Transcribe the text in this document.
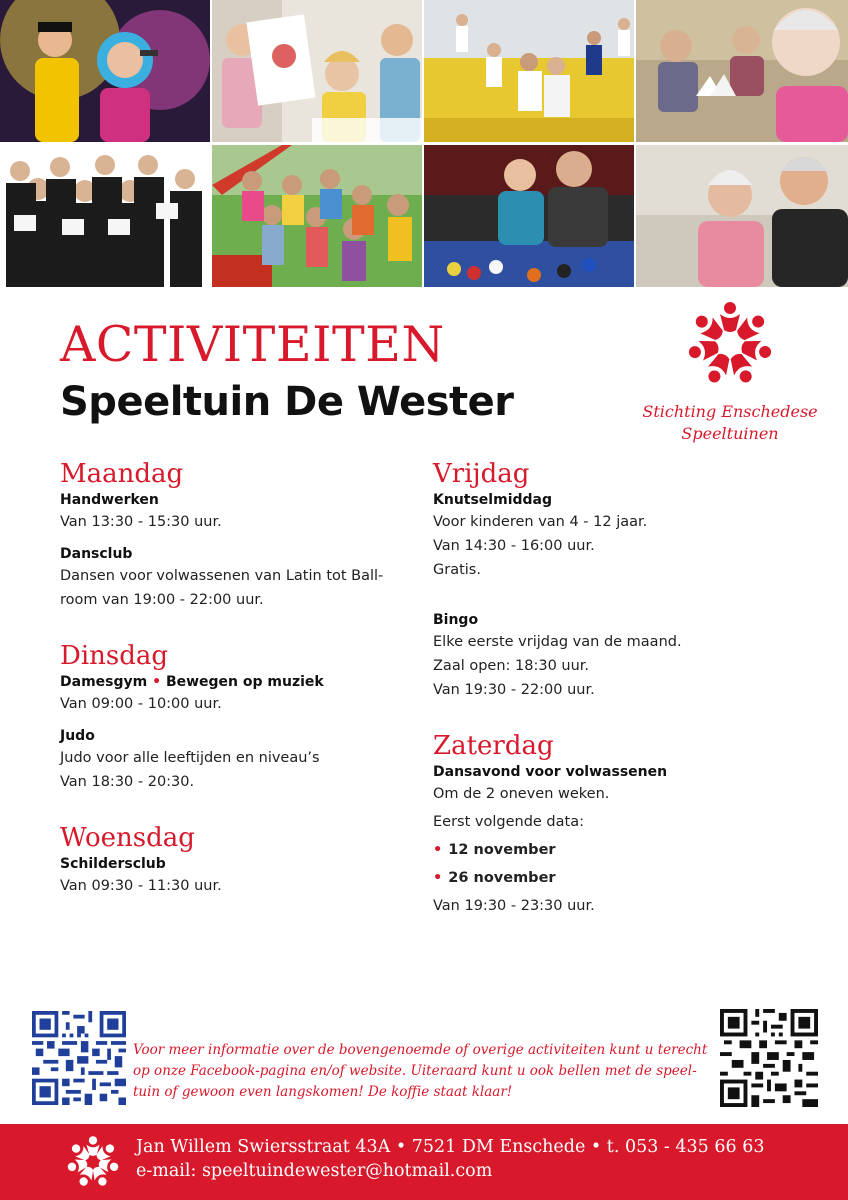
ACTIVITEITEN
Speeltuin De Wester	Stichting Enschedese
Speeltuinen
Maandag
Handwerken
Van 13:30 - 15:30 uur.
Dansclub
Dansen voor volwassenen van Latin tot Ball-
room van 19:00 - 22:00 uur.
Dinsdag
Damesgym • Bewegen op muziek
Van 09:00 - 10:00 uur.
Judo
Judo voor alle leeftijden en niveau’s
Van 18:30 - 20:30.
Woensdag
Schildersclub
Van 09:30 - 11:30 uur.
Vrijdag
Knutselmiddag
Voor kinderen van 4 - 12 jaar.
Van 14:30 - 16:00 uur.
Gratis.
Bingo
Elke eerste vrijdag van de maand.
Zaal open: 18:30 uur.
Van 19:30 - 22:00 uur.
Zaterdag
Dansavond voor volwassenen
Om de 2 oneven weken.
Eerst volgende data:
• 12 november
• 26 november
Van 19:30 - 23:30 uur.
Voor meer informatie over de bovengenoemde of overige activiteiten kunt u terecht
op onze Facebook-pagina en/of website. Uiteraard kunt u ook bellen met de speel-
tuin of gewoon even langskomen! De koffie staat klaar!
Jan Willem Swiersstraat 43A • 7521 DM Enschede • t. 053 - 435 66 63
e-mail: speeltuindewester@hotmail.com
